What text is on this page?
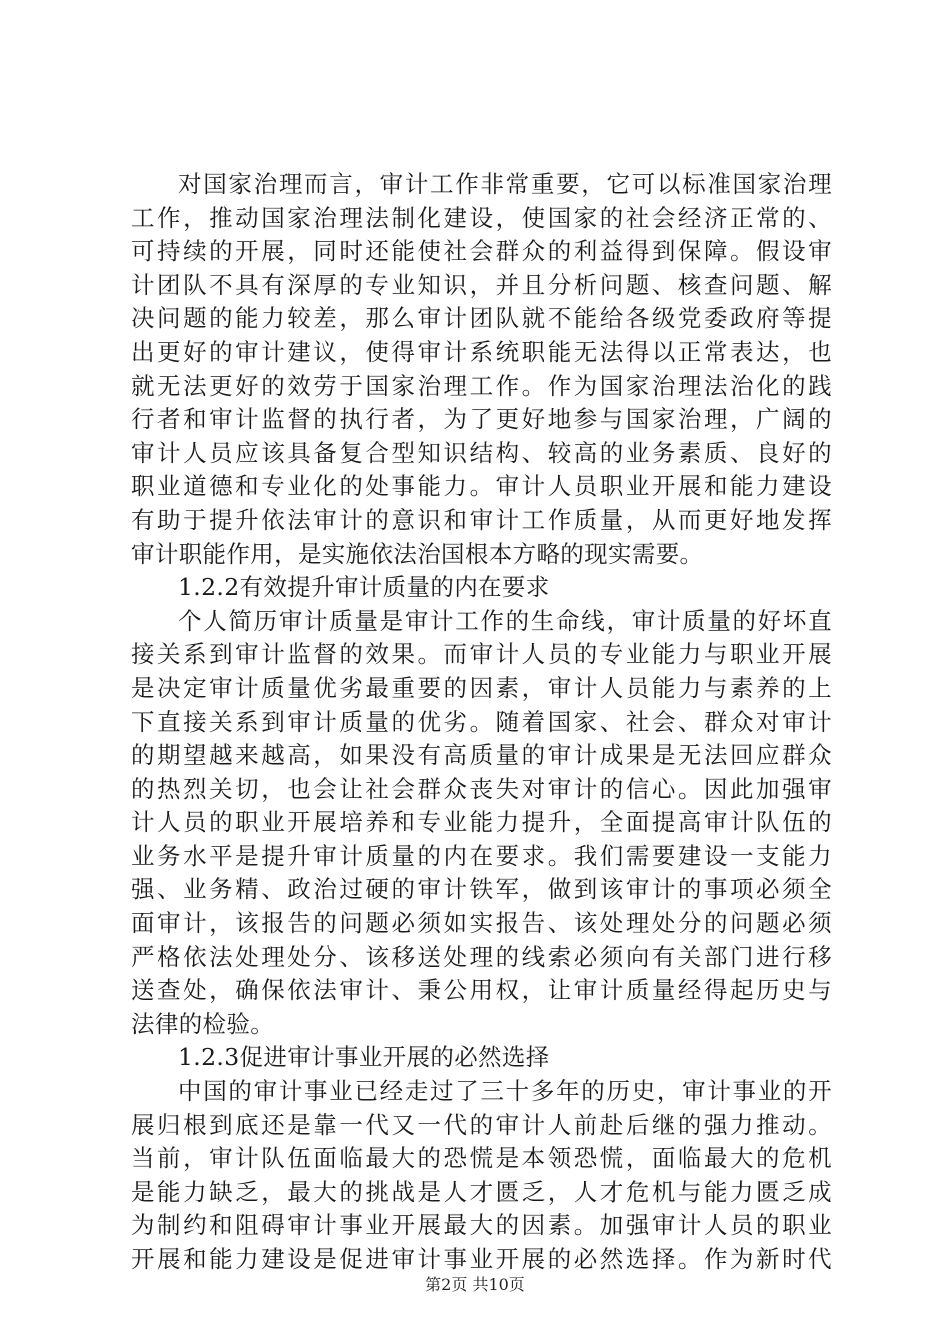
对国家治理而言，审计工作非常重要，它可以标准国家治理
工作，推动国家治理法制化建设，使国家的社会经济正常的、
可持续的开展，同时还能使社会群众的利益得到保障。假设审
计团队不具有深厚的专业知识，并且分析问题、核查问题、解
决问题的能力较差，那么审计团队就不能给各级党委政府等提
出更好的审计建议，使得审计系统职能无法得以正常表达，也
就无法更好的效劳于国家治理工作。作为国家治理法治化的践
行者和审计监督的执行者，为了更好地参与国家治理，广阔的
审计人员应该具备复合型知识结构、较高的业务素质、良好的
职业道德和专业化的处事能力。审计人员职业开展和能力建设
有助于提升依法审计的意识和审计工作质量，从而更好地发挥
审计职能作用，是实施依法治国根本方略的现实需要。
1.2.2有效提升审计质量的内在要求
个人简历审计质量是审计工作的生命线，审计质量的好坏直
接关系到审计监督的效果。而审计人员的专业能力与职业开展
是决定审计质量优劣最重要的因素，审计人员能力与素养的上
下直接关系到审计质量的优劣。随着国家、社会、群众对审计
的期望越来越高，如果没有高质量的审计成果是无法回应群众
的热烈关切，也会让社会群众丧失对审计的信心。因此加强审
计人员的职业开展培养和专业能力提升，全面提高审计队伍的
业务水平是提升审计质量的内在要求。我们需要建设一支能力
强、业务精、政治过硬的审计铁军，做到该审计的事项必须全
面审计，该报告的问题必须如实报告、该处理处分的问题必须
严格依法处理处分、该移送处理的线索必须向有关部门进行移
送查处，确保依法审计、秉公用权，让审计质量经得起历史与
法律的检验。
1.2.3促进审计事业开展的必然选择
中国的审计事业已经走过了三十多年的历史，审计事业的开
展归根到底还是靠一代又一代的审计人前赴后继的强力推动。
当前，审计队伍面临最大的恐慌是本领恐慌，面临最大的危机
是能力缺乏，最大的挑战是人才匮乏，人才危机与能力匮乏成
为制约和阻碍审计事业开展最大的因素。加强审计人员的职业
开展和能力建设是促进审计事业开展的必然选择。作为新时代
第2页 共10页
